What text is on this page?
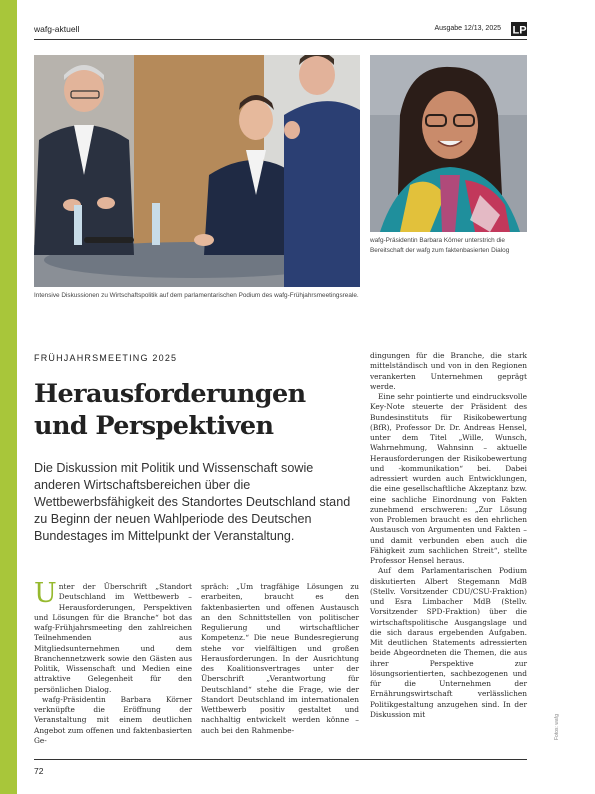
wafg-aktuell	Ausgabe 12/13, 2025 LP
Intensive Diskussionen zu Wirtschaftspolitik auf dem parlamentarischen Podium des wafg-Frühjahrsmeetingsreale.
wafg-Präsidentin Barbara Körner unterstrich die Bereitschaft der wafg zum faktenbasierten Dialog
FRÜHJAHRSMEETING 2025
Herausforderungen und Perspektiven
Die Diskussion mit Politik und Wissenschaft sowie anderen Wirtschaftsbereichen über die Wettbewerbsfähigkeit des Standortes Deutschland stand zu Beginn der neuen Wahlperiode des Deutschen Bundestages im Mittelpunkt der Veranstaltung.

Unter der Überschrift „Standort Deutschland im Wettbewerb – Herausforderungen, Perspektiven und Lösungen für die Branche“ bot das wafg-Frühjahrsmeeting den zahlreichen Teilnehmenden aus Mitgliedsunternehmen und dem Branchennetzwerk sowie den Gästen aus Politik, Wissenschaft und Medien eine attraktive Gelegenheit für den persönlichen Dialog.

wafg-Präsidentin Barbara Körner verknüpfte die Eröffnung der Veranstaltung mit einem deutlichen Angebot zum offenen und faktenbasierten Ge-

spräch: „Um tragfähige Lösungen zu erarbeiten, braucht es den faktenbasierten und offenen Austausch an den Schnittstellen von politischer Regulierung und wirtschaftlicher Kompetenz.“ Die neue Bundesregierung stehe vor vielfältigen und großen Herausforderungen. In der Ausrichtung des Koalitionsvertrages unter der Überschrift „Verantwortung für Deutschland“ stehe die Frage, wie der Standort Deutschland im internationalen Wettbewerb positiv gestaltet und nachhaltig entwickelt werden könne – auch bei den Rahmenbe-

dingungen für die Branche, die stark mittelständisch und von in den Regionen verankerten Unternehmen geprägt werde.

Eine sehr pointierte und eindrucksvolle Key-Note steuerte der Präsident des Bundesinstituts für Risikobewertung (BfR), Professor Dr. Dr. Andreas Hensel, unter dem Titel „Wille, Wunsch, Wahrnehmung, Wahnsinn – aktuelle Herausforderungen der Risikobewertung und -kommunikation“ bei. Dabei adressiert wurden auch Entwicklungen, die eine gesellschaftliche Akzeptanz bzw. eine sachliche Einordnung von Fakten zunehmend erschweren: „Zur Lösung von Problemen braucht es den ehrlichen Austausch von Argumenten und Fakten – und damit verbunden eben auch die Fähigkeit zum sachlichen Streit“, stellte Professor Hensel heraus.

Auf dem Parlamentarischen Podium diskutierten Albert Stegemann MdB (Stellv. Vorsitzender CDU/CSU-Fraktion) und Esra Limbacher MdB (Stellv. Vorsitzender SPD-Fraktion) über die wirtschaftspolitische Ausgangslage und die sich daraus ergebenden Aufgaben. Mit deutlichen Statements adressierten beide Abgeordneten die Themen, die aus ihrer Perspektive zur lösungsorientierten, sachbezogenen und für die Unternehmen der Ernährungswirtschaft verlässlichen Politikgestaltung anzugehen sind. In der Diskussion mit	Fotos: wafg
72
